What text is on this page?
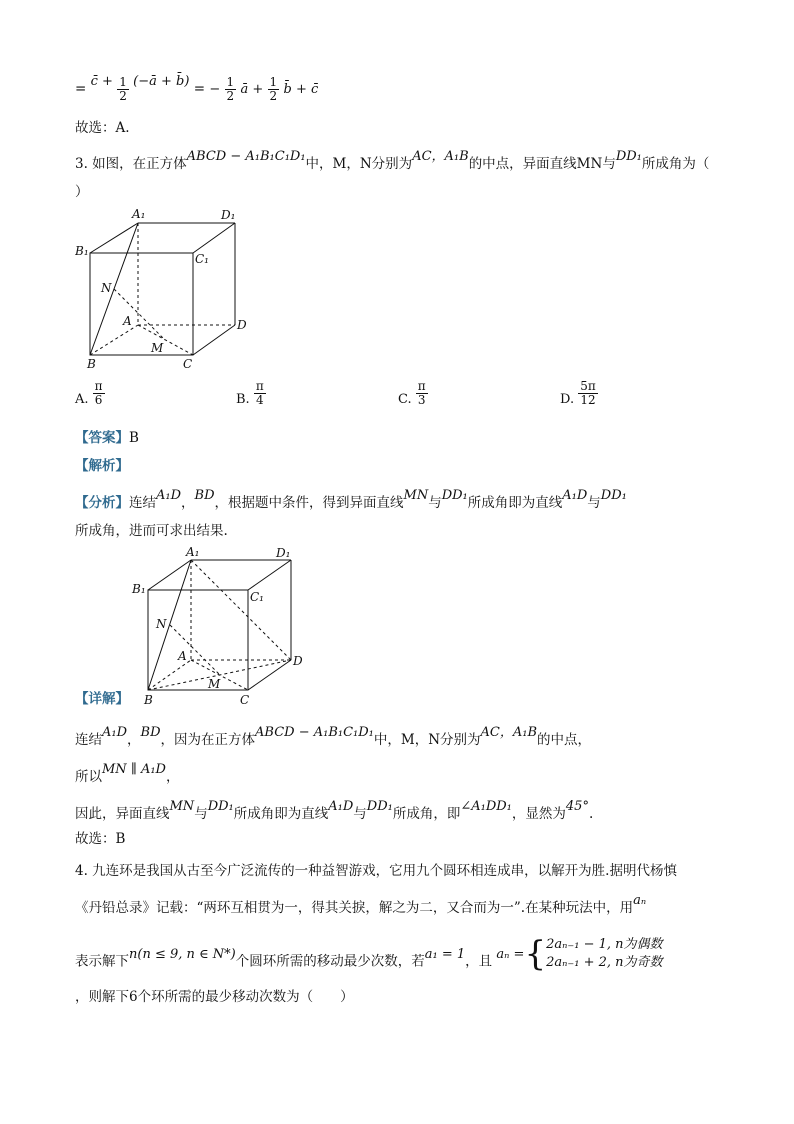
= c̄ + $\frac{1}{2}$ (−ā + b̄) = − $\frac{1}{2}$ ā + $\frac{1}{2}$ b̄ + c̄
故选：A.
3. 如图，在正方体ABCD − A₁B₁C₁D₁中，M，N分别为AC，A₁B的中点，异面直线MN与DD₁所成角为（
）
A₁	D₁
B₁
C₁
N
A	D
B
M
C
A. $\frac{\pi}{6}$	B. $\frac{\pi}{4}$	C. $\frac{\pi}{3}$	D. $\frac{5\pi}{12}$
【答案】B
【解析】
【分析】连结A₁D，BD，根据题中条件，得到异面直线MN与DD₁所成角即为直线A₁D与DD₁
所成角，进而可求出结果.
A₁	D₁
B₁
C₁
N
A	D
B
M
C
【详解】
连结A₁D，BD，因为在正方体ABCD − A₁B₁C₁D₁中，M，N分别为AC，A₁B的中点，
所以MN ∥ A₁D，
因此，异面直线MN与DD₁所成角即为直线A₁D与DD₁所成角，即∠A₁DD₁，显然为45°.
故选：B
4. 九连环是我国从古至今广泛流传的一种益智游戏，它用九个圆环相连成串，以解开为胜.据明代杨慎
《丹铅总录》记载：“两环互相贯为一，得其关捩，解之为二，又合而为一”.在某种玩法中，用aₙ
表示解下n(n ≤ 9, n ∈ N*)个圆环所需的移动最少次数，若a₁ = 1，且 aₙ ={ 2aₙ₋₁ − 1, n为偶数
2aₙ₋₁ + 2, n为奇数
，则解下6个环所需的最少移动次数为（　　）
